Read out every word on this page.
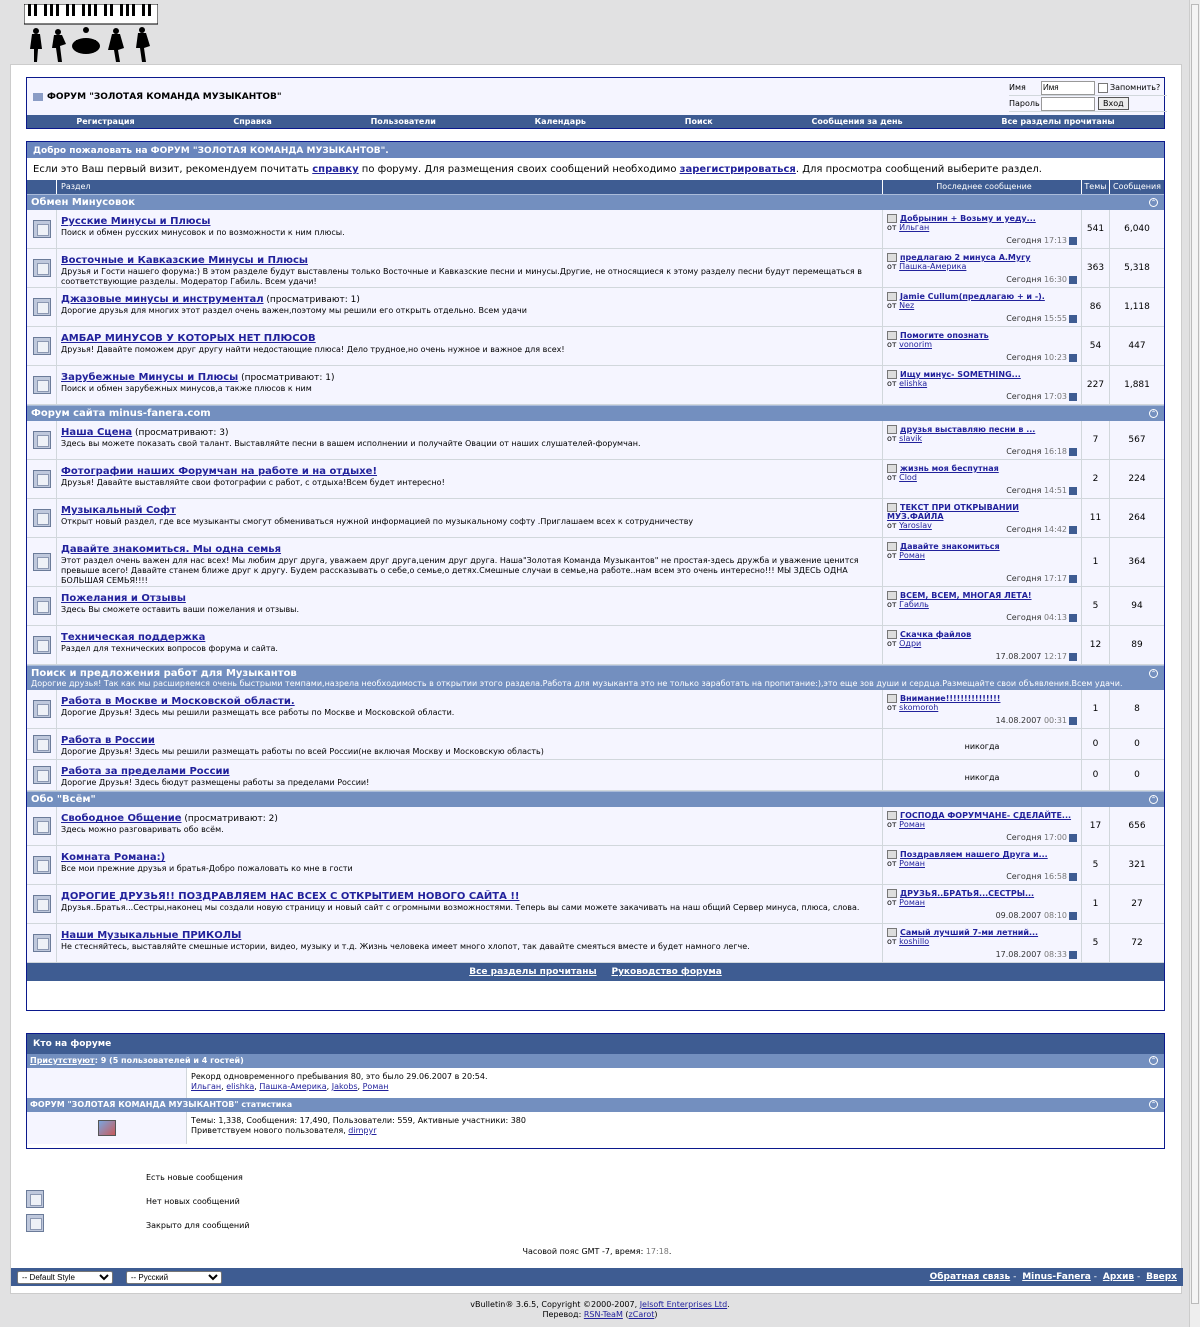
ФОРУМ "ЗОЛОТАЯ КОМАНДА МУЗЫКАНТОВ"
Имя
Имя	Запомнить?
Пароль	Вход
Регистрация	Справка	Пользователи	Календарь	Поиск	Сообщения за день	Все разделы прочитаны
Добро пожаловать на ФОРУМ "ЗОЛОТАЯ КОМАНДА МУЗЫКАНТОВ".
Если это Ваш первый визит, рекомендуем почитать справку по форуму. Для размещения своих сообщений необходимо зарегистрироваться. Для просмотра сообщений выберите раздел.
Раздел	Последнее сообщение	Темы Сообщения
Обмен Минусовок	⌃
Русские Минусы и Плюсы
Поиск и обмен русских минусовок и по возможности к ним плюсы.
Добрынин + Возьму и уеду...
от Ильган
Сегодня 17:13
541	6,040
Восточные и Кавказские Минусы и Плюсы
Друзья и Гости нашего форума:) В этом разделе будут выставлены только Восточные и Кавказские песни и минусы.Другие, не относящиеся к этому разделу песни будут перемещаться в соответствующие разделы. Модератор Габиль. Всем удачи!
предлагаю 2 минуса А.Мугу
от Пашка-Америка
Сегодня 16:30
363	5,318
Джазовые минусы и инструментал (просматривают: 1)
Дорогие друзья для многих этот раздел очень важен,поэтому мы решили его открыть отдельно. Всем удачи
Jamie Cullum(предлагаю + и -).
от Nez
Сегодня 15:55
86	1,118
АМБАР МИНУСОВ У КОТОРЫХ НЕТ ПЛЮСОВ
Друзья! Давайте поможем друг другу найти недостающие плюса! Дело трудное,но очень нужное и важное для всех!
Помогите опознать
от vonorim
Сегодня 10:23
54	447
Зарубежные Минусы и Плюсы (просматривают: 1)
Поиск и обмен зарубежных минусов,а также плюсов к ним
Ищу минус- SOMETHING...
от elishka
Сегодня 17:03
227	1,881
Форум сайта minus-fanera.com	⌃
Наша Сцена (просматривают: 3)
Здесь вы можете показать свой талант. Выставляйте песни в вашем исполнении и получайте Овации от наших слушателей-форумчан.
друзья выставляю песни в ...
от slavik
Сегодня 16:18
7	567
Фотографии наших Форумчан на работе и на отдыхе!
Друзья! Давайте выставляйте свои фотографии с работ, с отдыха!Всем будет интересно!
жизнь моя беспутная
от Clod
Сегодня 14:51
2	224
Музыкальный Софт
Открыт новый раздел, где все музыканты смогут обмениваться нужной информацией по музыкальному софту .Приглашаем всех к сотрудничеству
ТЕКСТ ПРИ ОТКРЫВАНИИ МУЗ.ФАЙЛА
от Yaroslav	Сегодня 14:42
11	264
Давайте знакомиться. Мы одна семья
Этот раздел очень важен для нас всех! Мы любим друг друга, уважаем друг друга,ценим друг друга. Наша"Золотая Команда Музыкантов" не простая-здесь дружба и уважение ценится превыше всего! Давайте станем ближе друг к другу. Будем рассказывать о себе,о семье,о детях.Смешные случаи в семье,на работе..нам всем это очень интересно!!! МЫ ЗДЕСЬ ОДНА БОЛЬШАЯ СЕМЬЯ!!!!
Давайте знакомиться
от Роман
Сегодня 17:17
1	364
Пожелания и Отзывы
Здесь Вы сможете оставить ваши пожелания и отзывы.
ВСЕМ, ВСЕМ, МНОГАЯ ЛЕТА!
от Габиль
Сегодня 04:13
5	94
Техническая поддержка
Раздел для технических вопросов форума и сайта.
Скачка файлов
от Одри
17.08.2007 12:17
12	89
Поиск и предложения работ для Музыкантов
Дорогие друзья! Так как мы расширяемся очень быстрыми темпами,назрела необходимость в открытии этого раздела.Работа для музыканта это не только заработать на пропитание:),это еще зов души и сердца.Размещайте свои объявления.Всем удачи.
⌃
Работа в Москве и Московской области.
Дорогие Друзья! Здесь мы решили размещать все работы по Москве и Московской области.
Внимание!!!!!!!!!!!!!!!
от skomoroh
14.08.2007 00:31
1	8
Работа в России
Дорогие Друзья! Здесь мы решили размещать работы по всей России(не включая Москву и Московскую область)
никогда	0	0
Работа за пределами России
Дорогие Друзья! Здесь бюдут размещены работы за пределами России!
никогда	0	0
Обо "Всём"	⌃
Свободное Общение (просматривают: 2)
Здесь можно разговаривать обо всём.
ГОСПОДА ФОРУМЧАНЕ- СДЕЛАЙТЕ...
от Роман
Сегодня 17:00
17	656
Комната Романа:)
Все мои прежние друзья и братья-Добро пожаловать ко мне в гости
Поздравляем нашего Друга и...
от Роман
Сегодня 16:58
5	321
ДОРОГИЕ ДРУЗЬЯ!! ПОЗДРАВЛЯЕМ НАС ВСЕХ С ОТКРЫТИЕМ НОВОГО САЙТА !!
Друзья..Братья...Сестры,наконец мы создали новую страницу и новый сайт с огромными возможностями. Теперь вы сами можете закачивать на наш общий Сервер минуса, плюса, слова.
ДРУЗЬЯ..БРАТЬЯ...СЕСТРЫ...
от Роман
09.08.2007 08:10
1	27
Наши Музыкальные ПРИКОЛЫ
Не стесняйтесь, выставляйте смешные истории, видео, музыку и т.д. Жизнь человека имеет много хлопот, так давайте смеяться вместе и будет намного легче.
Самый лучший 7-ми летний...
от koshillo
17.08.2007 08:33
5	72
Все разделы прочитаны Руководство форума
Кто на форуме
Присутствуют: 9 (5 пользователей и 4 гостей)	⌃
Рекорд одновременного пребывания 80, это было 29.06.2007 в 20:54.
Ильган, elishka, Пашка-Америка, Jakobs, Роман
ФОРУМ "ЗОЛОТАЯ КОМАНДА МУЗЫКАНТОВ" статистика	⌃
Темы: 1,338, Сообщения: 17,490, Пользователи: 559, Активные участники: 380
Приветствуем нового пользователя, dimpyr
Есть новые сообщения
Нет новых сообщений
Закрыто для сообщений
Часовой пояс GMT -7, время: 17:18.
-- Default Style
-- Русский
Обратная связь - Minus-Fanera - Архив - Вверх
vBulletin® 3.6.5, Copyright ©2000-2007, Jelsoft Enterprises Ltd.
Перевод: RSN-TeaM (zCarot)
